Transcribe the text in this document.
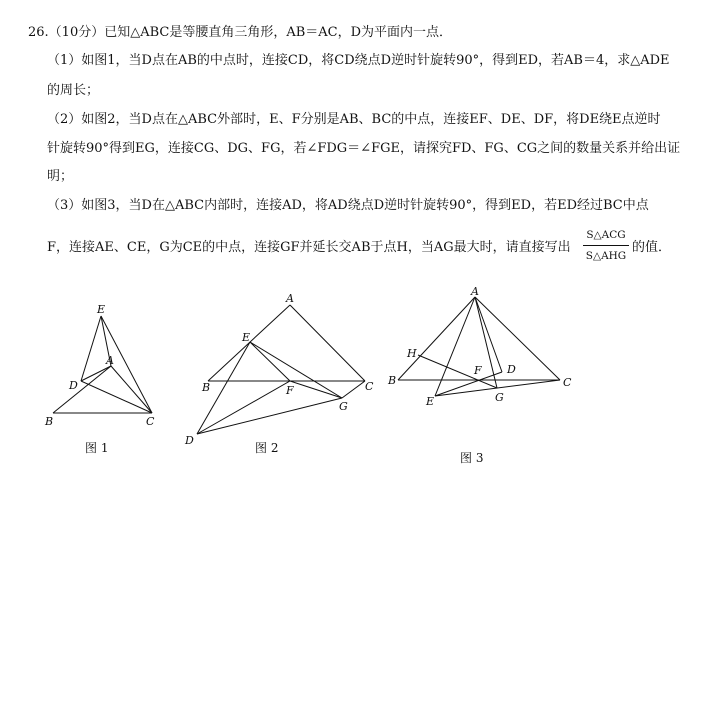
26.（10分）已知△ABC是等腰直角三角形，AB＝AC，D为平面内一点．
（1）如图1，当D点在AB的中点时，连接CD，将CD绕点D逆时针旋转90°，得到ED，若AB＝4，求△ADE
的周长；
（2）如图2，当D点在△ABC外部时，E、F分别是AB、BC的中点，连接EF、DE、DF，将DE绕E点逆时
针旋转90°得到EG，连接CG、DG、FG，若∠FDG＝∠FGE，请探究FD、FG、CG之间的数量关系并给出证
明；
（3）如图3，当D在△ABC内部时，连接AD，将AD绕点D逆时针旋转90°，得到ED，若ED经过BC中点
F，连接AE、CE，G为CE的中点，连接GF并延长交AB于点H，当AG最大时，请直接写出
S△ACG
S△AHG
的值．
E
A
D
B	C
A
E
B	F	C
G
D
A
H
F D
B	C
E	G
图 1	图 2
图 3
